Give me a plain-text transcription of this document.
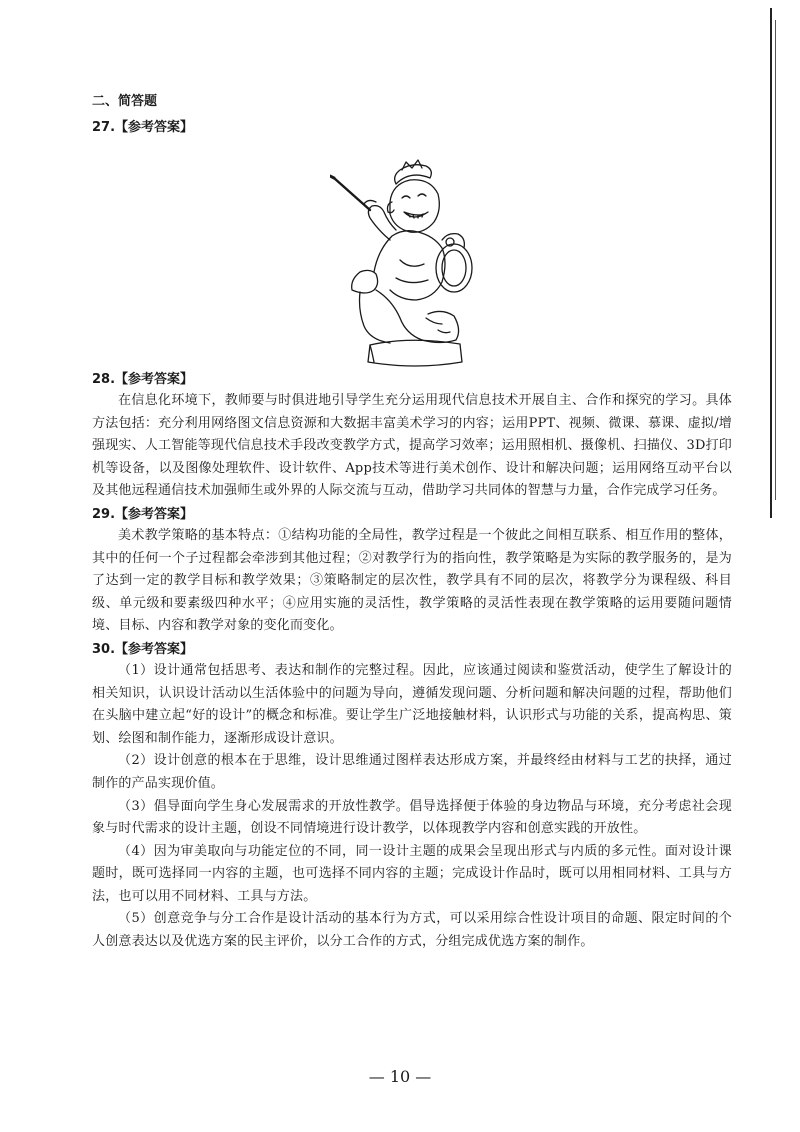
二、简答题
27.【参考答案】
28.【参考答案】

在信息化环境下，教师要与时俱进地引导学生充分运用现代信息技术开展自主、合作和探究的学习。具体方法包括：充分利用网络图文信息资源和大数据丰富美术学习的内容；运用PPT、视频、微课、慕课、虚拟/增强现实、人工智能等现代信息技术手段改变教学方式，提高学习效率；运用照相机、摄像机、扫描仪、3D打印机等设备，以及图像处理软件、设计软件、App技术等进行美术创作、设计和解决问题；运用网络互动平台以及其他远程通信技术加强师生或外界的人际交流与互动，借助学习共同体的智慧与力量，合作完成学习任务。

29.【参考答案】

美术教学策略的基本特点：①结构功能的全局性，教学过程是一个彼此之间相互联系、相互作用的整体，其中的任何一个子过程都会牵涉到其他过程；②对教学行为的指向性，教学策略是为实际的教学服务的，是为了达到一定的教学目标和教学效果；③策略制定的层次性，教学具有不同的层次，将教学分为课程级、科目级、单元级和要素级四种水平；④应用实施的灵活性，教学策略的灵活性表现在教学策略的运用要随问题情境、目标、内容和教学对象的变化而变化。

30.【参考答案】

（1）设计通常包括思考、表达和制作的完整过程。因此，应该通过阅读和鉴赏活动，使学生了解设计的相关知识，认识设计活动以生活体验中的问题为导向，遵循发现问题、分析问题和解决问题的过程，帮助他们在头脑中建立起“好的设计”的概念和标准。要让学生广泛地接触材料，认识形式与功能的关系，提高构思、策划、绘图和制作能力，逐渐形成设计意识。

（2）设计创意的根本在于思维，设计思维通过图样表达形成方案，并最终经由材料与工艺的抉择，通过制作的产品实现价值。

（3）倡导面向学生身心发展需求的开放性教学。倡导选择便于体验的身边物品与环境，充分考虑社会现象与时代需求的设计主题，创设不同情境进行设计教学，以体现教学内容和创意实践的开放性。

（4）因为审美取向与功能定位的不同，同一设计主题的成果会呈现出形式与内质的多元性。面对设计课题时，既可选择同一内容的主题，也可选择不同内容的主题；完成设计作品时，既可以用相同材料、工具与方法，也可以用不同材料、工具与方法。

（5）创意竞争与分工合作是设计活动的基本行为方式，可以采用综合性设计项目的命题、限定时间的个人创意表达以及优选方案的民主评价，以分工合作的方式，分组完成优选方案的制作。

— 10 —
